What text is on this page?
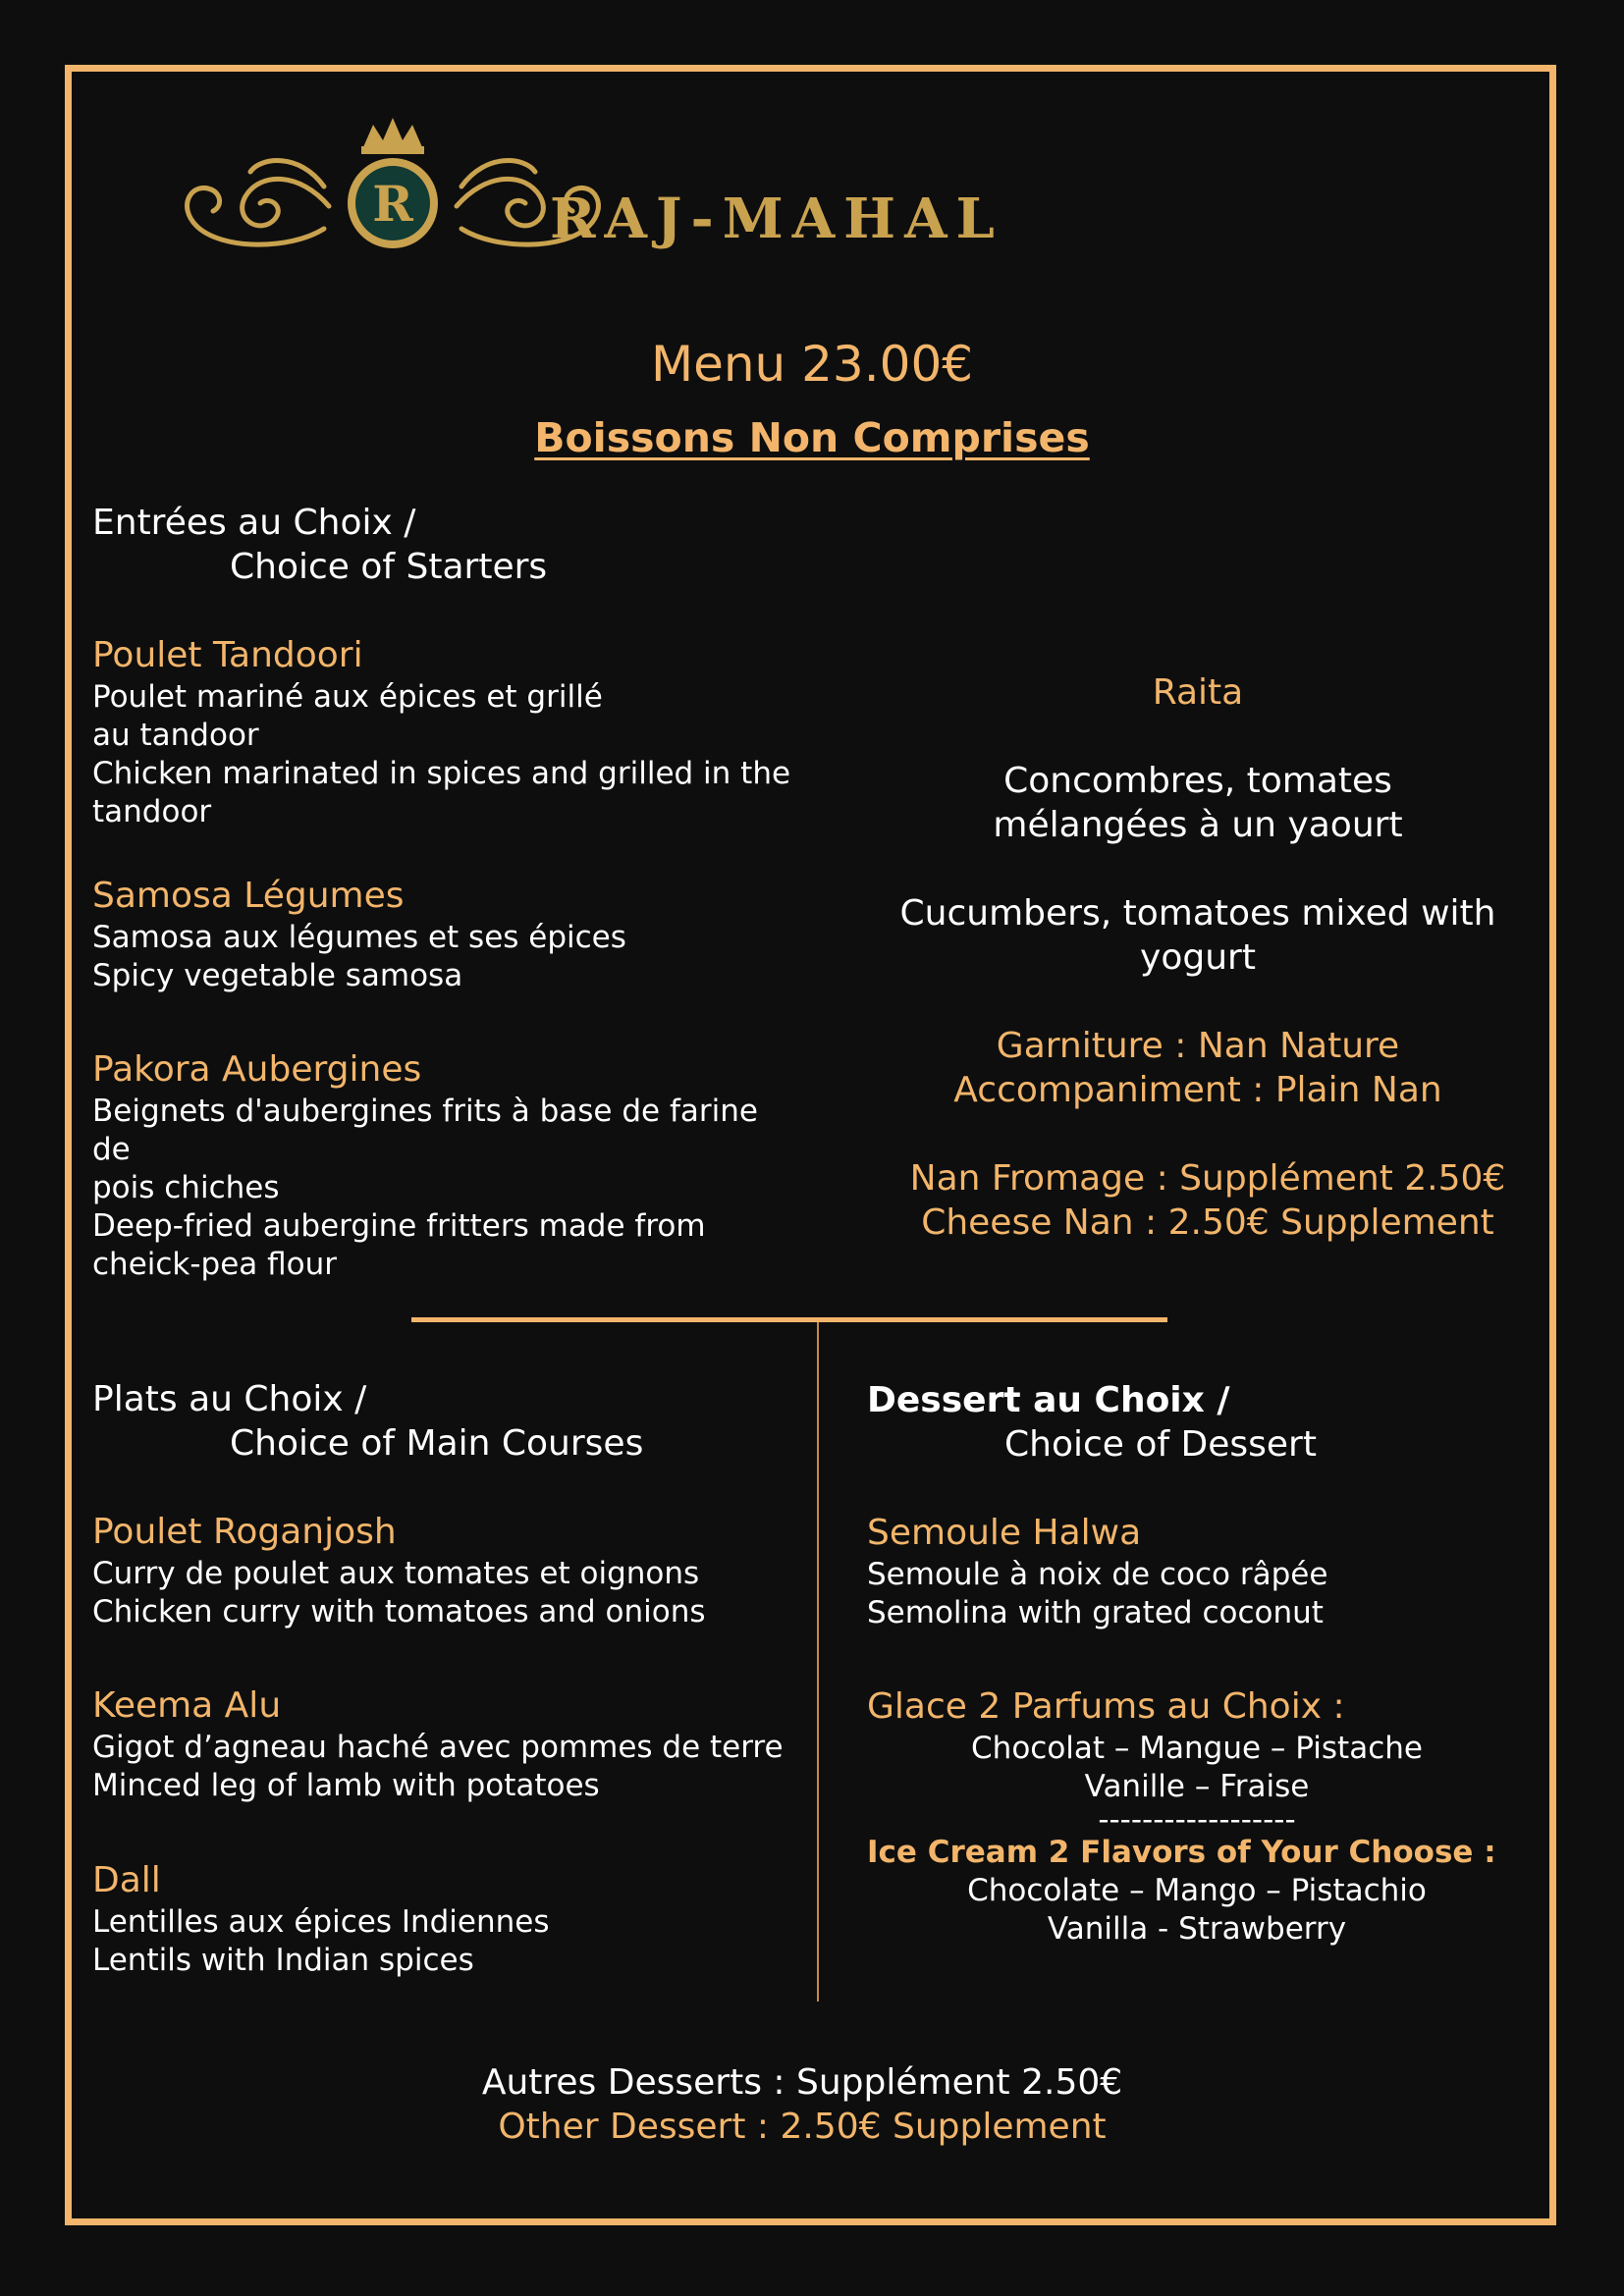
R RAJ-MAHAL
Menu 23.00€
Boissons Non Comprises
Entrées au Choix /
Choice of Starters
Poulet Tandoori
Poulet mariné aux épices et grillé
au tandoor
Chicken marinated in spices and grilled in the
tandoor
Samosa Légumes
Samosa aux légumes et ses épices
Spicy vegetable samosa
Pakora Aubergines
Beignets d'aubergines frits à base de farine de
pois chiches
Deep-fried aubergine fritters made from
cheick-pea flour
Raita
Concombres, tomates
mélangées à un yaourt
Cucumbers, tomatoes mixed with
yogurt
Garniture : Nan Nature
Accompaniment : Plain Nan
Nan Fromage : Supplément 2.50€
Cheese Nan : 2.50€ Supplement
Plats au Choix /
Choice of Main Courses
Poulet Roganjosh
Curry de poulet aux tomates et oignons
Chicken curry with tomatoes and onions
Keema Alu
Gigot d’agneau haché avec pommes de terre
Minced leg of lamb with potatoes
Dall
Lentilles aux épices Indiennes
Lentils with Indian spices
Dessert au Choix /
Choice of Dessert
Semoule Halwa
Semoule à noix de coco râpée
Semolina with grated coconut
Glace 2 Parfums au Choix :
Chocolat – Mangue – Pistache
Vanille – Fraise
------------------
Ice Cream 2 Flavors of Your Choose :
Chocolate – Mango – Pistachio
Vanilla - Strawberry
Autres Desserts : Supplément 2.50€
Other Dessert : 2.50€ Supplement
